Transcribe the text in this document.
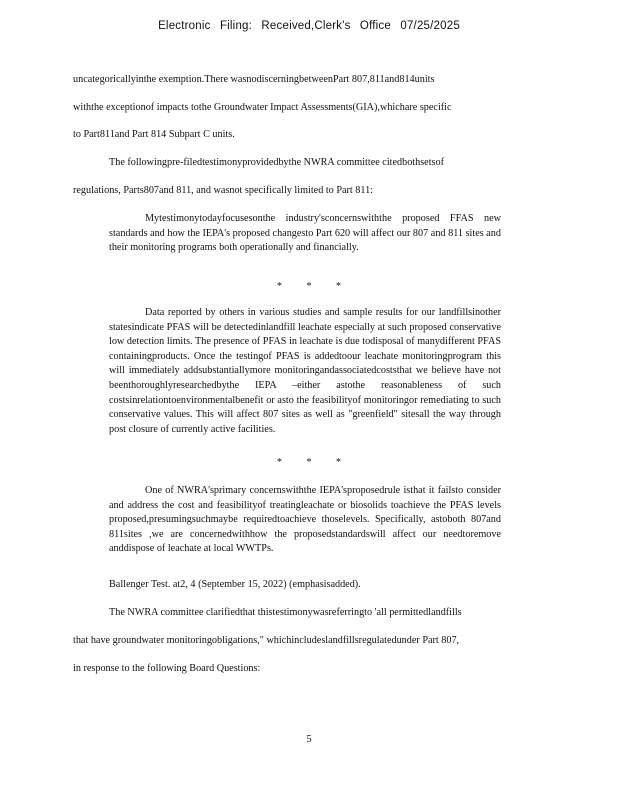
Electronic Filing: Received,Clerk's Office 07/25/2025
uncategoricallyinthe exemption.There wasnodiscerningbetweenPart 807,811and814units
withthe exceptionof impacts tothe Groundwater Impact Assessments(GIA),whichare specific
to Part811and Part 814 Subpart C units.
The followingpre-filedtestimonyprovidedbythe NWRA committee citedbothsetsof
regulations, Parts807and 811, and wasnot specifically limited to Part 811:

Mytestimonytodayfocusesonthe industry'sconcernswiththe proposed FFAS new standards and how the IEPA's proposed changesto Part 620 will affect our 807 and 811 sites and their monitoring programs both operationally and financially.

* * *

Data reported by others in various studies and sample results for our landfillsinother statesindicate PFAS will be detectedinlandfill leachate especially at such proposed conservative low detection limits. The presence of PFAS in leachate is due todisposal of manydifferent PFAS containingproducts. Once the testingof PFAS is addedtoour leachate monitoringprogram this will immediately addsubstantiallymore monitoringandassociatedcoststhat we believe have not beenthoroughlyresearchedbythe IEPA –either astothe reasonableness of such costsinrelationtoenvironmentalbenefit or asto the feasibilityof monitoringor remediating to such conservative values. This will affect 807 sites as well as "greenfield" sitesall the way through post closure of currently active facilities.

* * *

One of NWRA'sprimary concernswiththe IEPA'sproposedrule isthat it failsto consider and address the cost and feasibilityof treatingleachate or biosolids toachieve the PFAS levels proposed,presumingsuchmaybe requiredtoachieve thoselevels. Specifically, astoboth 807and 811sites ,we are concernedwithhow the proposedstandardswill affect our needtoremove anddispose of leachate at local WWTPs.

Ballenger Test. at2, 4 (September 15, 2022) (emphasisadded).
The NWRA committee clarifiedthat thistestimonywasreferringto 'all permittedlandfills
that have groundwater monitoringobligations," whichincludeslandfillsregulatedunder Part 807,
in response to the following Board Questions:
5
